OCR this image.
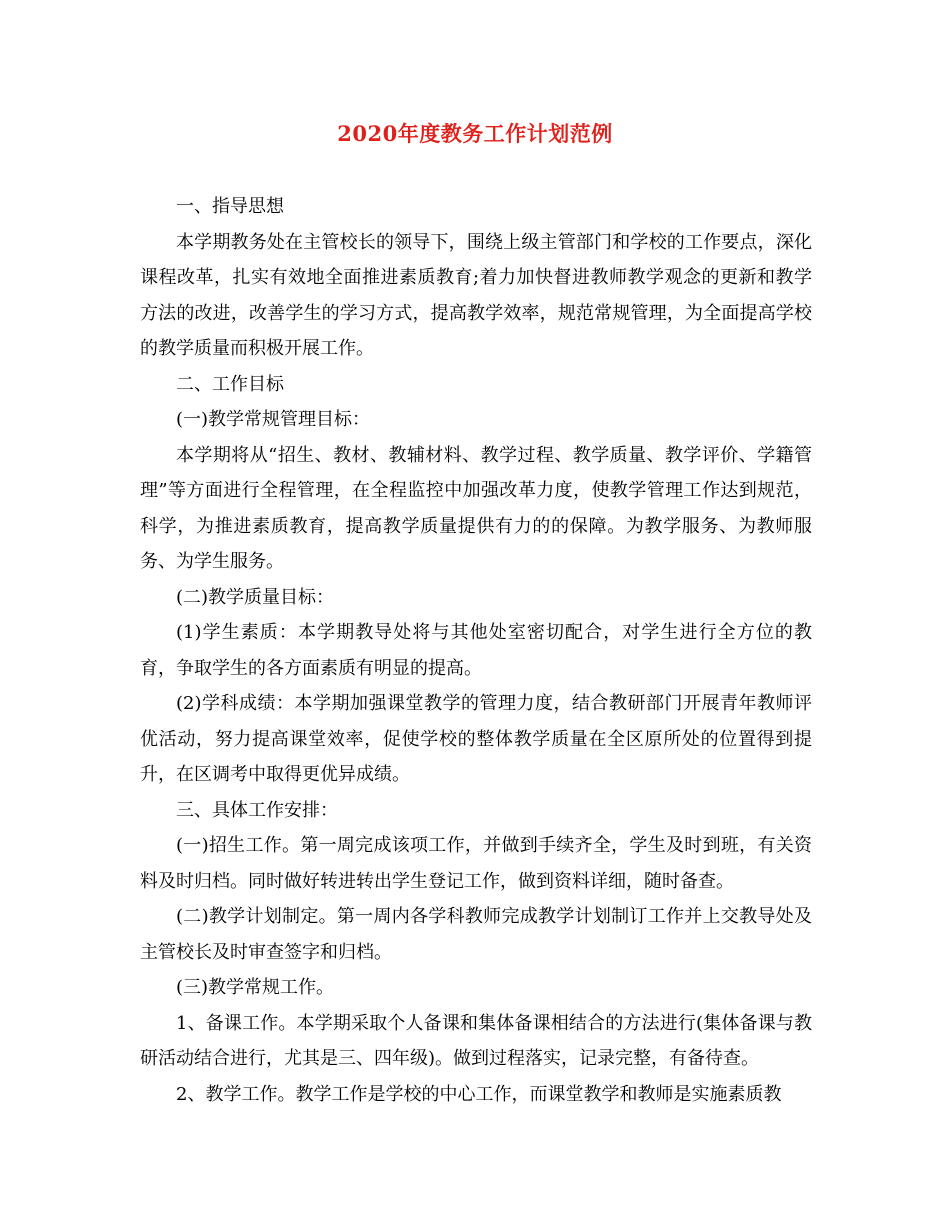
2020年度教务工作计划范例

一、指导思想

本学期教务处在主管校长的领导下，围绕上级主管部门和学校的工作要点，深化课程改革，扎实有效地全面推进素质教育;着力加快督进教师教学观念的更新和教学方法的改进，改善学生的学习方式，提高教学效率，规范常规管理，为全面提高学校的教学质量而积极开展工作。

二、工作目标

(一)教学常规管理目标：

本学期将从“招生、教材、教辅材料、教学过程、教学质量、教学评价、学籍管理”等方面进行全程管理，在全程监控中加强改革力度，使教学管理工作达到规范，科学，为推进素质教育，提高教学质量提供有力的的保障。为教学服务、为教师服务、为学生服务。

(二)教学质量目标：

(1)学生素质：本学期教导处将与其他处室密切配合，对学生进行全方位的教育，争取学生的各方面素质有明显的提高。

(2)学科成绩：本学期加强课堂教学的管理力度，结合教研部门开展青年教师评优活动，努力提高课堂效率，促使学校的整体教学质量在全区原所处的位置得到提升，在区调考中取得更优异成绩。

三、具体工作安排：

(一)招生工作。第一周完成该项工作，并做到手续齐全，学生及时到班，有关资料及时归档。同时做好转进转出学生登记工作，做到资料详细，随时备查。

(二)教学计划制定。第一周内各学科教师完成教学计划制订工作并上交教导处及主管校长及时审查签字和归档。

(三)教学常规工作。

1、备课工作。本学期采取个人备课和集体备课相结合的方法进行(集体备课与教研活动结合进行，尤其是三、四年级)。做到过程落实，记录完整，有备待查。

2、教学工作。教学工作是学校的中心工作，而课堂教学和教师是实施素质教
